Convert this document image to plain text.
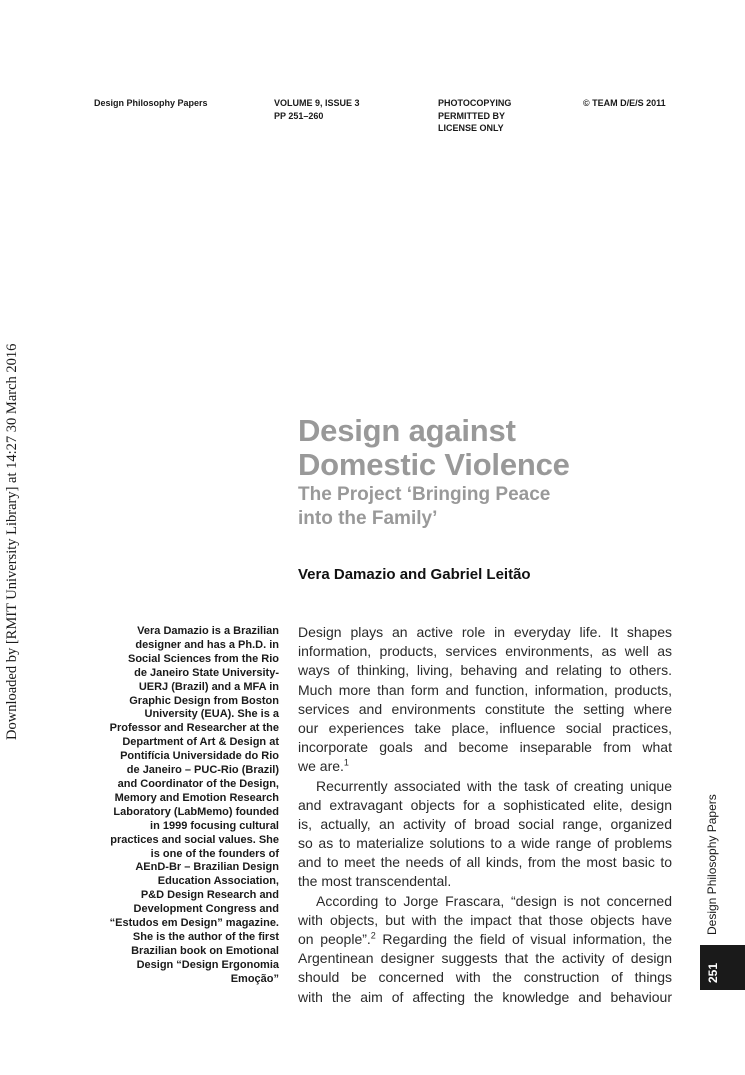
Design Philosophy Papers	VOLUME 9, ISSUE 3
PP 251–260
PHOTOCOPYING
PERMITTED BY
LICENSE ONLY
© TEAM D/E/S 2011
Downloaded by [RMIT University Library] at 14:27 30 March 2016	Design against
Domestic Violence
The Project ‘Bringing Peace
into the Family’
Vera Damazio and Gabriel Leitão
Vera Damazio is a Brazilian
designer and has a Ph.D. in
Social Sciences from the Rio
de Janeiro State University-
UERJ (Brazil) and a MFA in
Graphic Design from Boston
University (EUA). She is a
Professor and Researcher at the
Department of Art & Design at
Pontifícia Universidade do Rio
de Janeiro – PUC-Rio (Brazil)
and Coordinator of the Design,
Memory and Emotion Research
Laboratory (LabMemo) founded
in 1999 focusing cultural
practices and social values. She
is one of the founders of
AEnD-Br – Brazilian Design
Education Association,
P&D Design Research and
Development Congress and
“Estudos em Design” magazine.
She is the author of the first
Brazilian book on Emotional
Design “Design Ergonomia
Emoção”
Design plays an active role in everyday life. It shapes
information, products, services environments, as well as
ways of thinking, living, behaving and relating to others.
Much more than form and function, information, products,
services and environments constitute the setting where
our experiences take place, influence social practices,
incorporate goals and become inseparable from what
we are.$^1$
Recurrently associated with the task of creating unique
and extravagant objects for a sophisticated elite, design
is, actually, an activity of broad social range, organized
so as to materialize solutions to a wide range of problems
and to meet the needs of all kinds, from the most basic to
the most transcendental.
According to Jorge Frascara, “design is not concerned
with objects, but with the impact that those objects have
on people”.$^2$ Regarding the field of visual information, the
Argentinean designer suggests that the activity of design
should be concerned with the construction of things
with the aim of affecting the knowledge and behaviour
Design Philosophy Papers
251
